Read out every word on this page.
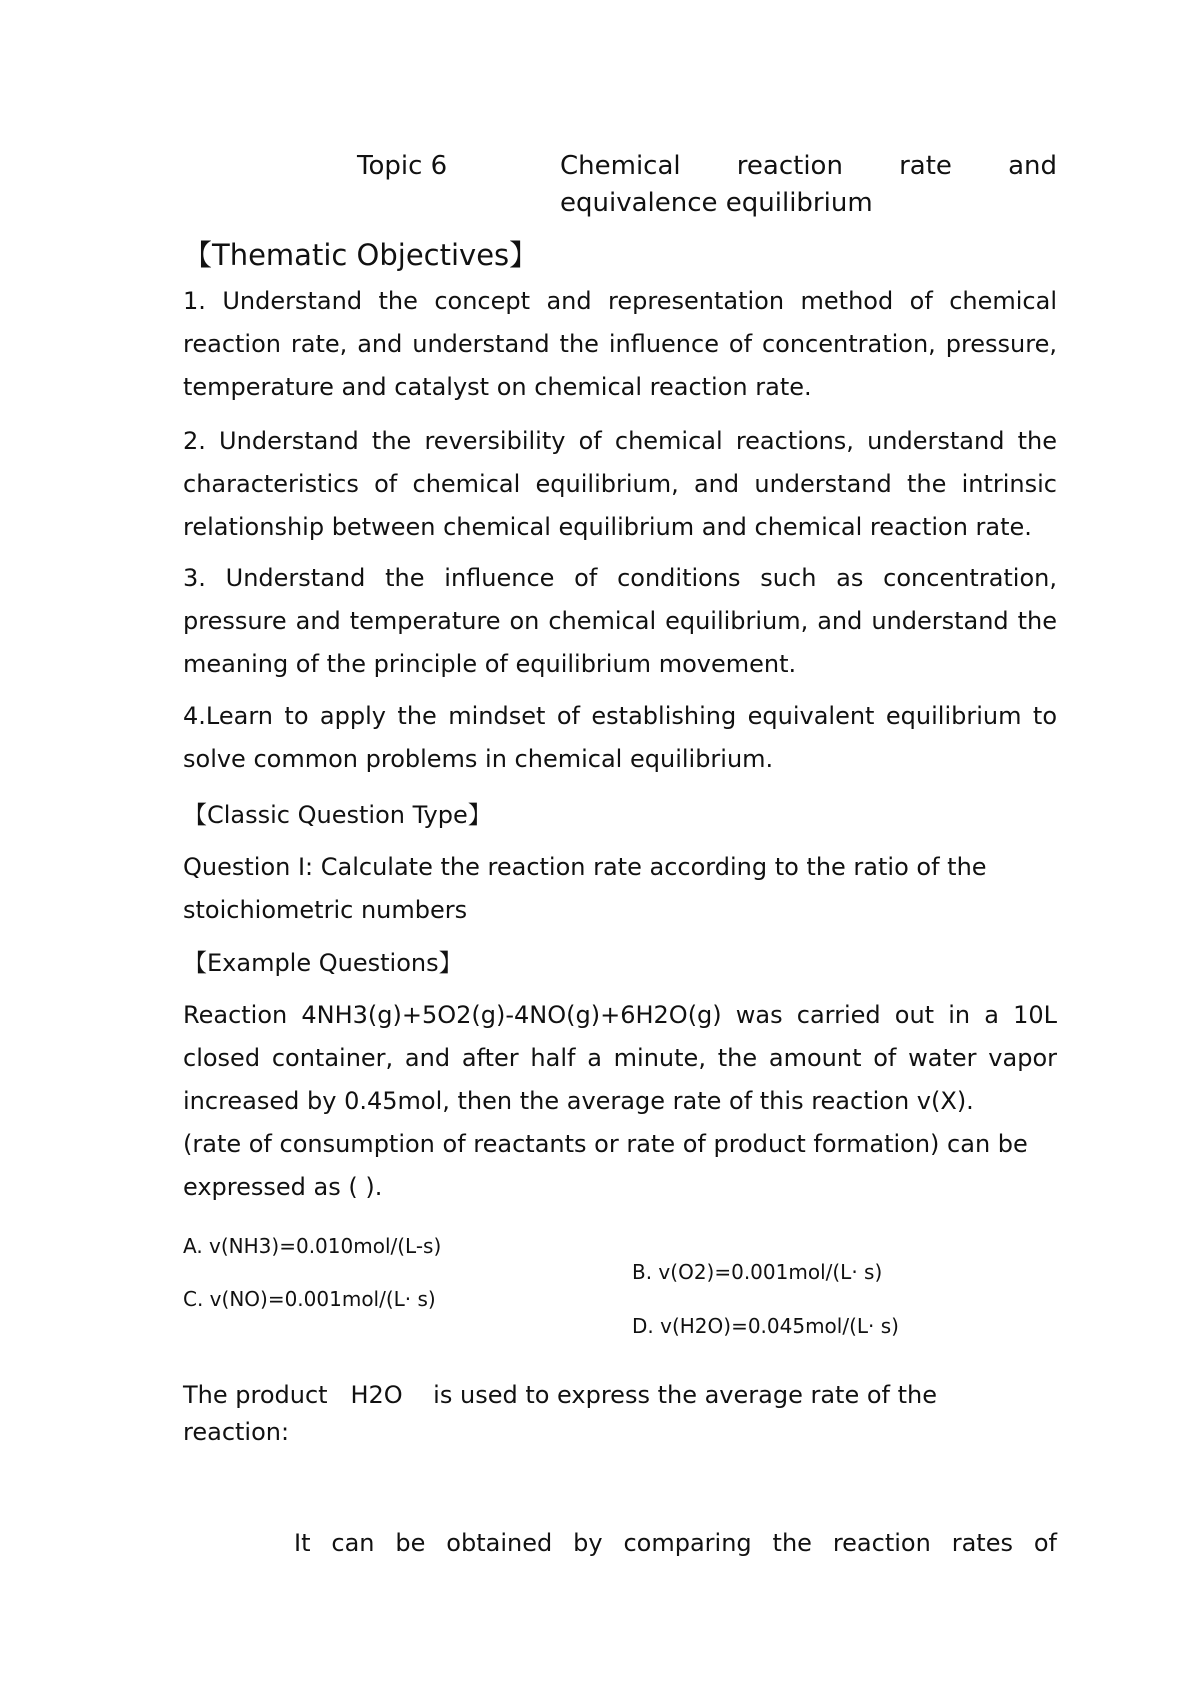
Topic 6	Chemical reaction rate and
equivalence equilibrium
【Thematic Objectives】
1. Understand the concept and representation method of chemical reaction rate, and understand the influence of concentration, pressure, temperature and catalyst on chemical reaction rate.
2. Understand the reversibility of chemical reactions, understand the characteristics of chemical equilibrium, and understand the intrinsic relationship between chemical equilibrium and chemical reaction rate.
3. Understand the influence of conditions such as concentration, pressure and temperature on chemical equilibrium, and understand the meaning of the principle of equilibrium movement.
4.Learn to apply the mindset of establishing equivalent equilibrium to solve common problems in chemical equilibrium.
【Classic Question Type】
Question I: Calculate the reaction rate according to the ratio of the stoichiometric numbers
【Example Questions】
Reaction 4NH3(g)+5O2(g)-4NO(g)+6H2O(g) was carried out in a 10L closed container, and after half a minute, the amount of water vapor increased by 0.45mol, then the average rate of this reaction v(X).
(rate of consumption of reactants or rate of product formation) can be expressed as ( ).
A. v(NH3)=0.010mol/(L-s)
B. v(O2)=0.001mol/(L· s)
C. v(NO)=0.001mol/(L· s)
D. v(H2O)=0.045mol/(L· s)
The product   H2O    is used to express the average rate of the
reaction:
It can be obtained by comparing the reaction rates of
